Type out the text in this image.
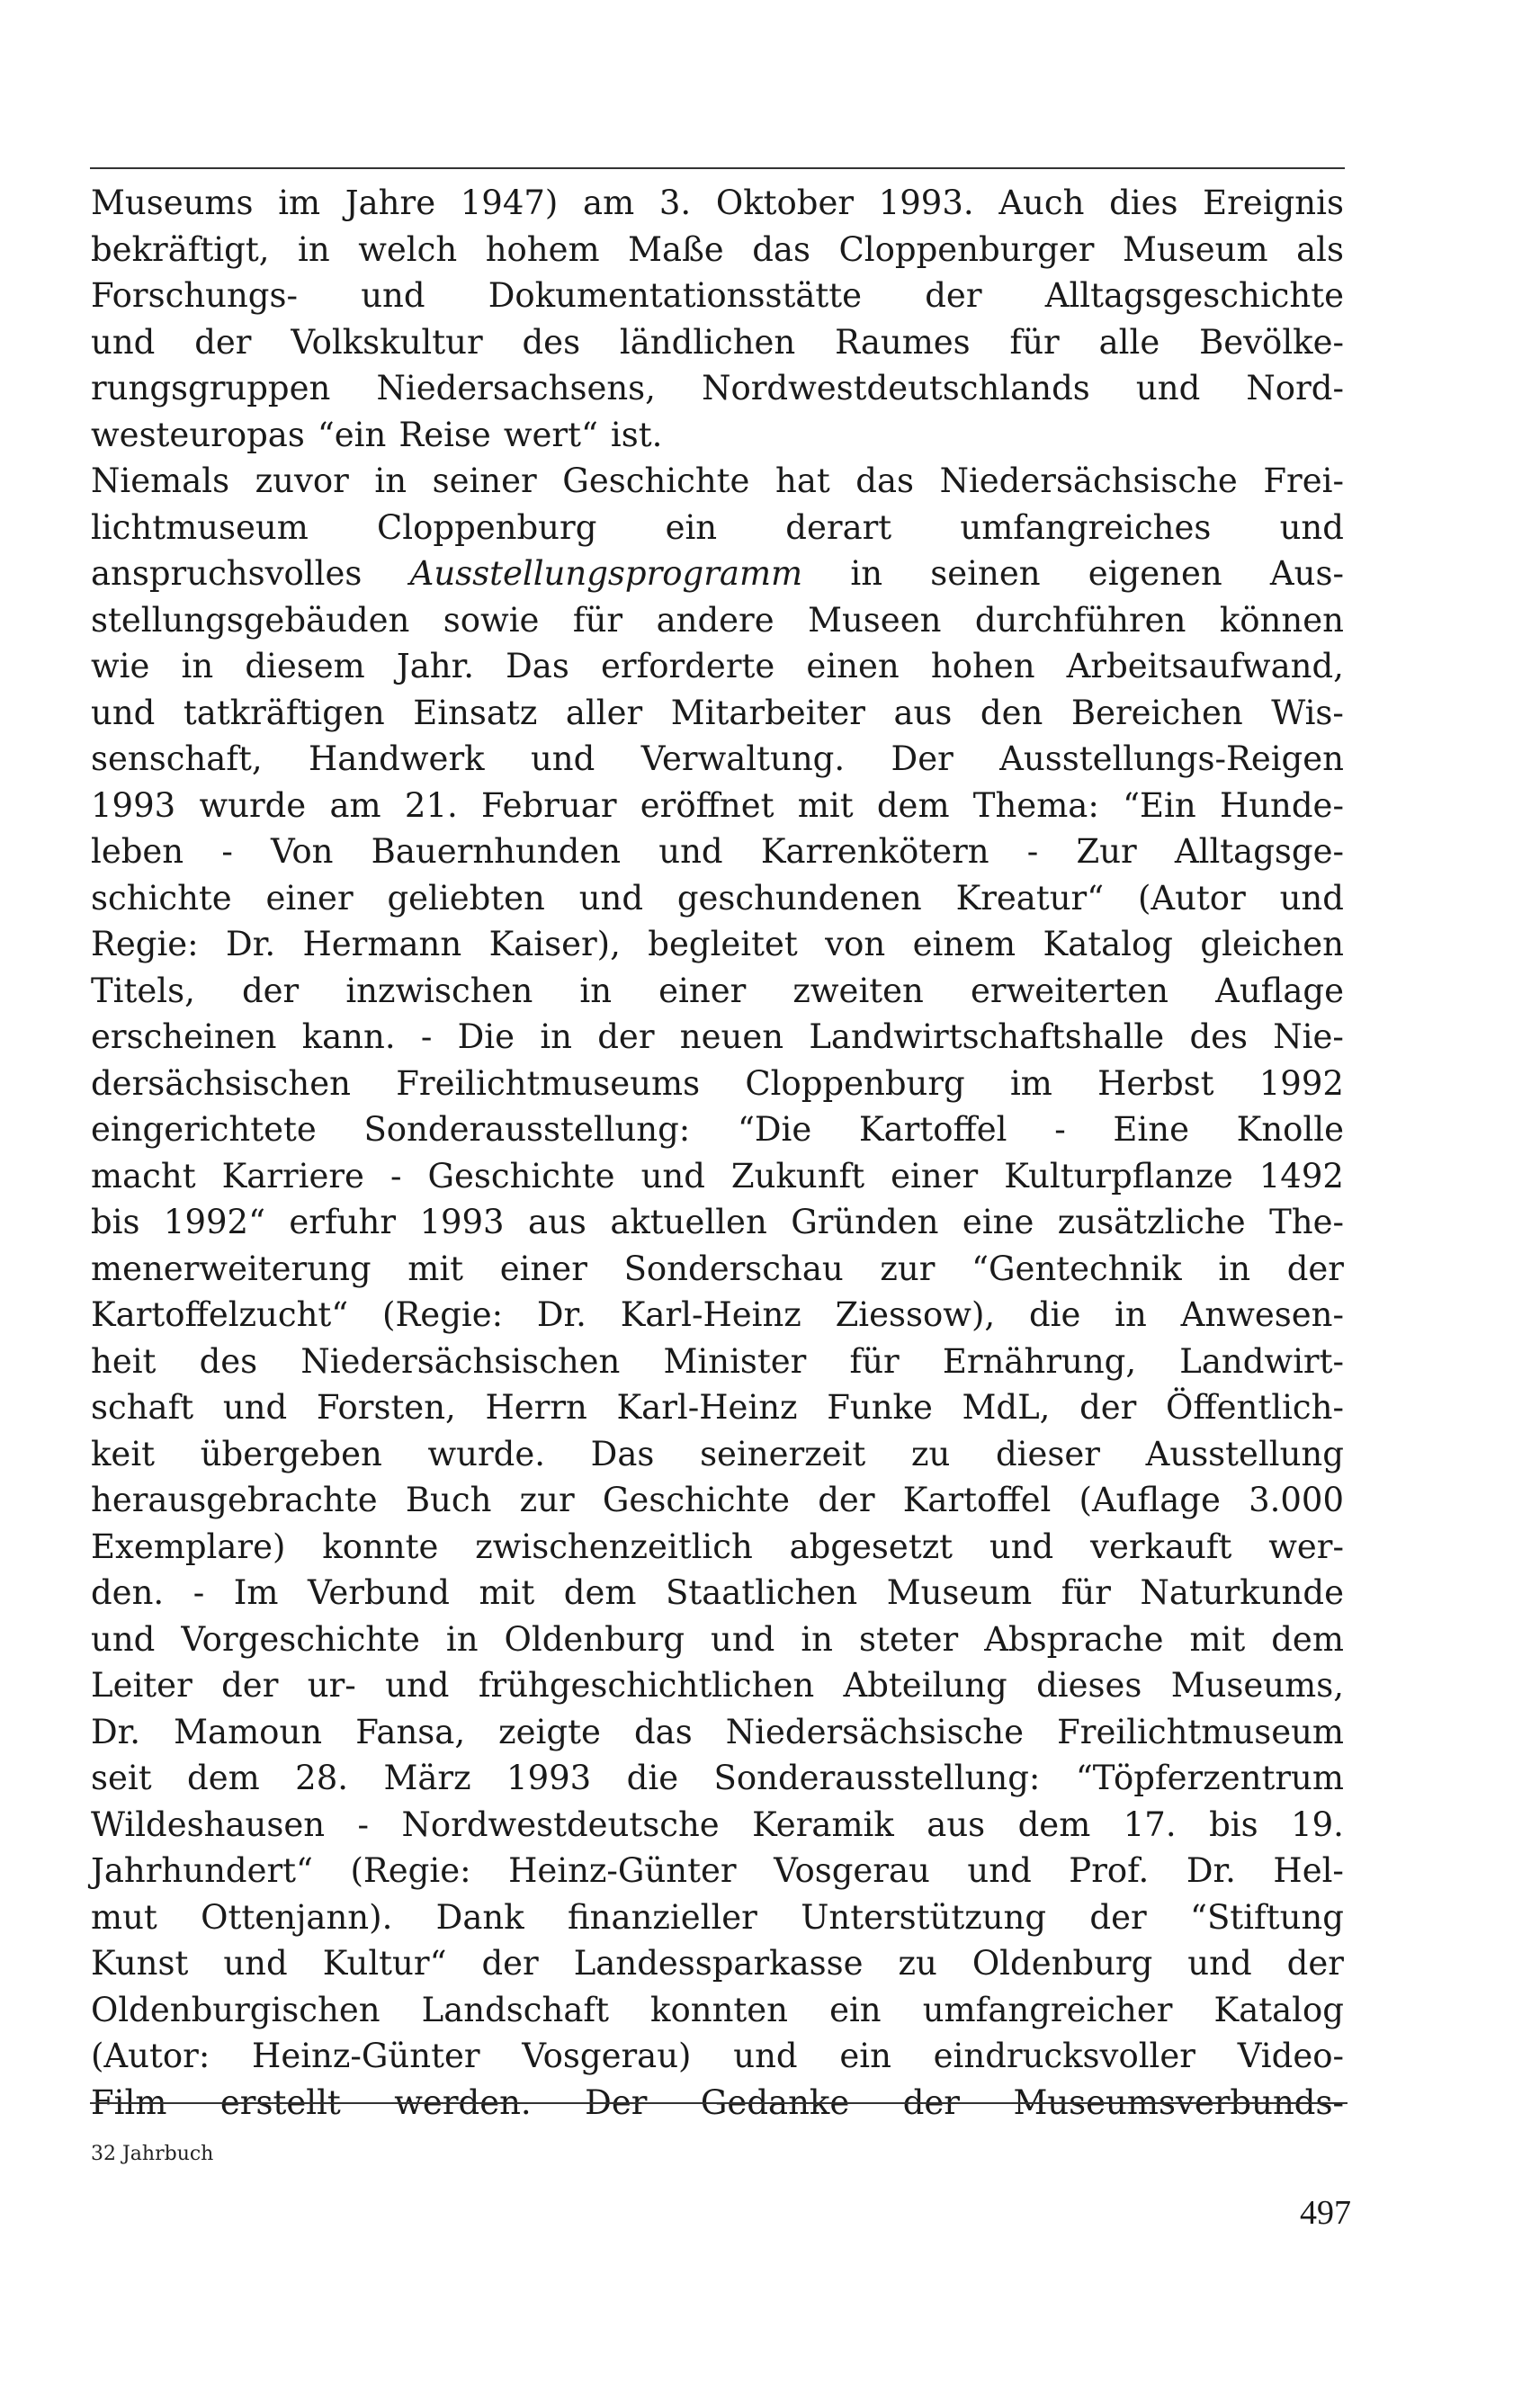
Museums im Jahre 1947) am 3. Oktober 1993. Auch dies Ereignis
bekräftigt, in welch hohem Maße das Cloppenburger Museum als
Forschungs- und Dokumentationsstätte der Alltagsgeschichte
und der Volkskultur des ländlichen Raumes für alle Bevölke-
rungsgruppen Niedersachsens, Nordwestdeutschlands und Nord-
westeuropas “ein Reise wert“ ist.
Niemals zuvor in seiner Geschichte hat das Niedersächsische Frei-
lichtmuseum Cloppenburg ein derart umfangreiches und
anspruchsvolles Ausstellungsprogramm in seinen eigenen Aus-
stellungsgebäuden sowie für andere Museen durchführen können
wie in diesem Jahr. Das erforderte einen hohen Arbeitsaufwand,
und tatkräftigen Einsatz aller Mitarbeiter aus den Bereichen Wis-
senschaft, Handwerk und Verwaltung. Der Ausstellungs-Reigen
1993 wurde am 21. Februar eröffnet mit dem Thema: “Ein Hunde-
leben - Von Bauernhunden und Karrenkötern - Zur Alltagsge-
schichte einer geliebten und geschundenen Kreatur“ (Autor und
Regie: Dr. Hermann Kaiser), begleitet von einem Katalog gleichen
Titels, der inzwischen in einer zweiten erweiterten Auflage
erscheinen kann. - Die in der neuen Landwirtschaftshalle des Nie-
dersächsischen Freilichtmuseums Cloppenburg im Herbst 1992
eingerichtete Sonderausstellung: “Die Kartoffel - Eine Knolle
macht Karriere - Geschichte und Zukunft einer Kulturpflanze 1492
bis 1992“ erfuhr 1993 aus aktuellen Gründen eine zusätzliche The-
menerweiterung mit einer Sonderschau zur “Gentechnik in der
Kartoffelzucht“ (Regie: Dr. Karl-Heinz Ziessow), die in Anwesen-
heit des Niedersächsischen Minister für Ernährung, Landwirt-
schaft und Forsten, Herrn Karl-Heinz Funke MdL, der Öffentlich-
keit übergeben wurde. Das seinerzeit zu dieser Ausstellung
herausgebrachte Buch zur Geschichte der Kartoffel (Auflage 3.000
Exemplare) konnte zwischenzeitlich abgesetzt und verkauft wer-
den. - Im Verbund mit dem Staatlichen Museum für Naturkunde
und Vorgeschichte in Oldenburg und in steter Absprache mit dem
Leiter der ur- und frühgeschichtlichen Abteilung dieses Museums,
Dr. Mamoun Fansa, zeigte das Niedersächsische Freilichtmuseum
seit dem 28. März 1993 die Sonderausstellung: “Töpferzentrum
Wildeshausen - Nordwestdeutsche Keramik aus dem 17. bis 19.
Jahrhundert“ (Regie: Heinz-Günter Vosgerau und Prof. Dr. Hel-
mut Ottenjann). Dank finanzieller Unterstützung der “Stiftung
Kunst und Kultur“ der Landessparkasse zu Oldenburg und der
Oldenburgischen Landschaft konnten ein umfangreicher Katalog
(Autor: Heinz-Günter Vosgerau) und ein eindrucksvoller Video-
Film erstellt werden. Der Gedanke der Museumsverbunds-
32 Jahrbuch
497
